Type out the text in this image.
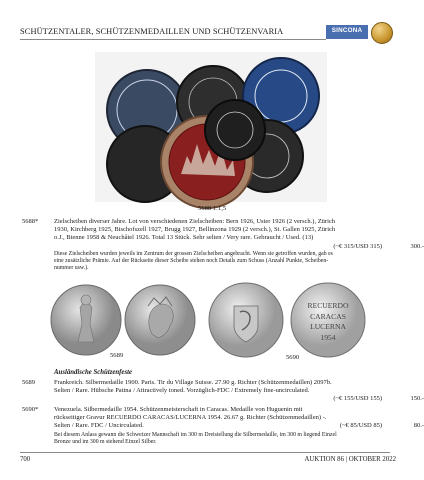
SCHÜTZENTALER, SCHÜTZENMEDAILLEN UND SCHÜTZENVARIA	SINCONA
5688 1:1,5
5688*	Zielscheiben diverser Jahre. Lot von verschiedenen Zielscheiben: Bern 1926, Uster 1926 (2 versch.), Zürich
1930, Kirchberg 1925, Bischofszell 1927, Brugg 1927, Bellinzona 1929 (2 versch.), St. Gallen 1925, Zürich
o.J., Bienne 1958 & Neuchâtel 1926. Total 13 Stück. Sehr selten / Very rare. Gebraucht / Used. (13)
(~€ 315/USD 315)	300.-
Diese Zielscheiben wurden jeweils im Zentrum der grossen Zielscheiben angebracht. Wenn sie getroffen wurden, gab es
eine zusätzliche Prämie. Auf der Rückseite dieser Scheibe stehen noch Details zum Schuss (Anzahl Punkte, Scheiben-
nummer usw.).
5689
RECUERDO
CARACAS
LUCERNA
1954
5690
Ausländische Schützenfeste
5689	Frankreich. Silbermedaille 1900. Paris. Tir du Village Suisse. 27.90 g. Richter (Schützenmedaillen) 2097b.
Selten / Rare. Hübsche Patina / Attractively toned. Vorzüglich-FDC / Extremely fine-uncirculated.
(~€ 155/USD 155)	150.-
5690*	Venezuela. Silbermedaille 1954. Schützenmeisterschaft in Caracas. Medaille von Huguenin mit
rückseitiger Gravur RECUERDO CARACAS/LUCERNA 1954. 26.67 g. Richter (Schützenmedaillen) -.
Selten / Rare. FDC / Uncirculated.	(~€ 85/USD 85)	80.-
Bei diesem Anlass gewann die Schweizer Mannschaft im 300 m Dreistellung die Silbermedaille, im 300 m liegend Einzel
Bronze und im 300 m stehend Einzel Silber.
700	AUKTION 86 | OKTOBER 2022
